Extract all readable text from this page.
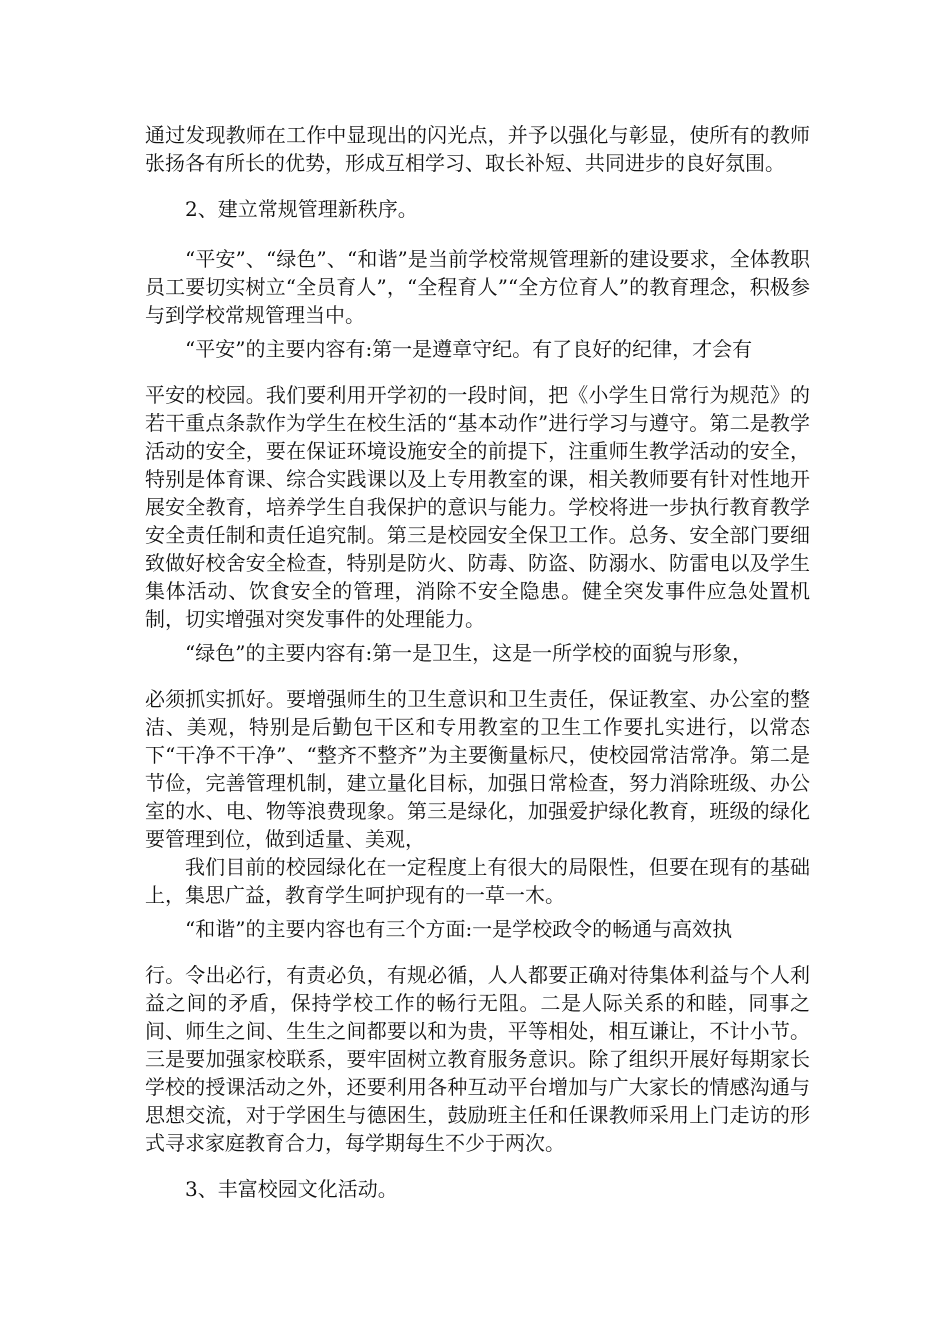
通过发现教师在工作中显现出的闪光点，并予以强化与彰显，使所有的教师张扬各有所长的优势，形成互相学习、取长补短、共同进步的良好氛围。

2、建立常规管理新秩序。

“平安”、“绿色”、“和谐”是当前学校常规管理新的建设要求，全体教职员工要切实树立“全员育人”，“全程育人”“全方位育人”的教育理念，积极参与到学校常规管理当中。

“平安”的主要内容有:第一是遵章守纪。有了良好的纪律，才会有

平安的校园。我们要利用开学初的一段时间，把《小学生日常行为规范》的若干重点条款作为学生在校生活的“基本动作”进行学习与遵守。第二是教学活动的安全，要在保证环境设施安全的前提下，注重师生教学活动的安全，特别是体育课、综合实践课以及上专用教室的课，相关教师要有针对性地开展安全教育，培养学生自我保护的意识与能力。学校将进一步执行教育教学安全责任制和责任追究制。第三是校园安全保卫工作。总务、安全部门要细致做好校舍安全检查，特别是防火、防毒、防盗、防溺水、防雷电以及学生集体活动、饮食安全的管理，消除不安全隐患。健全突发事件应急处置机制，切实增强对突发事件的处理能力。

“绿色”的主要内容有:第一是卫生，这是一所学校的面貌与形象，

必须抓实抓好。要增强师生的卫生意识和卫生责任，保证教室、办公室的整洁、美观，特别是后勤包干区和专用教室的卫生工作要扎实进行，以常态下“干净不干净”、“整齐不整齐”为主要衡量标尺，使校园常洁常净。第二是节俭，完善管理机制，建立量化目标，加强日常检查，努力消除班级、办公室的水、电、物等浪费现象。第三是绿化，加强爱护绿化教育，班级的绿化要管理到位，做到适量、美观，

我们目前的校园绿化在一定程度上有很大的局限性，但要在现有的基础上，集思广益，教育学生呵护现有的一草一木。

“和谐”的主要内容也有三个方面:一是学校政令的畅通与高效执

行。令出必行，有责必负，有规必循，人人都要正确对待集体利益与个人利益之间的矛盾，保持学校工作的畅行无阻。二是人际关系的和睦，同事之间、师生之间、生生之间都要以和为贵，平等相处，相互谦让，不计小节。三是要加强家校联系，要牢固树立教育服务意识。除了组织开展好每期家长学校的授课活动之外，还要利用各种互动平台增加与广大家长的情感沟通与思想交流，对于学困生与德困生，鼓励班主任和任课教师采用上门走访的形式寻求家庭教育合力，每学期每生不少于两次。

3、丰富校园文化活动。
